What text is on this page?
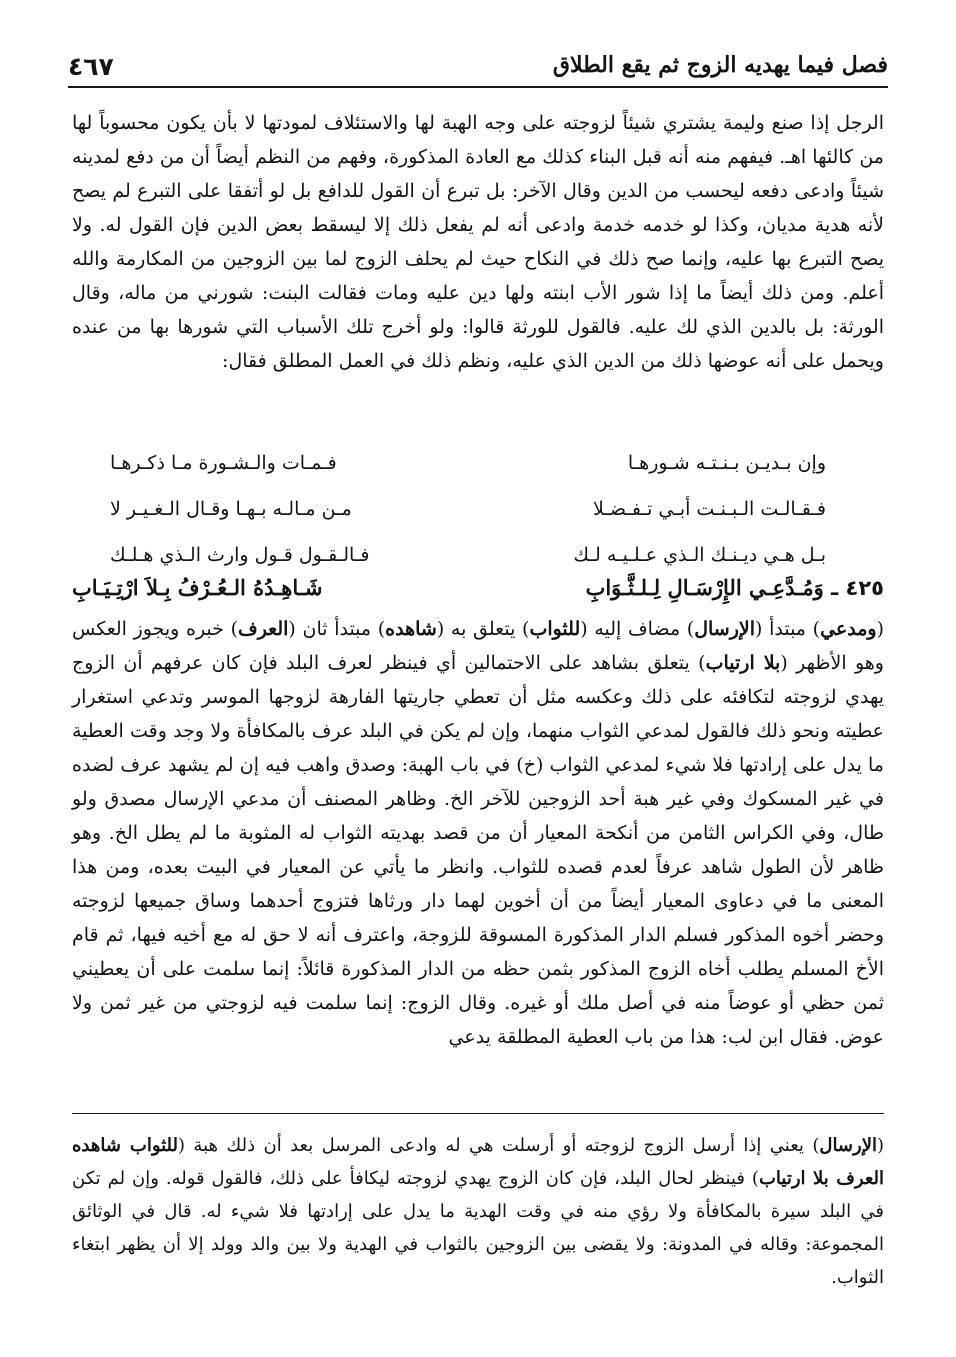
فصل فيما يهديه الزوج ثم يقع الطلاق
٤٦٧

الرجل إذا صنع وليمة يشتري شيئاً لزوجته على وجه الهبة لها والاستئلاف لمودتها لا بأن يكون محسوباً لها من كالئها اهـ. فيفهم منه أنه قبل البناء كذلك مع العادة المذكورة، وفهم من النظم أيضاً أن من دفع لمدينه شيئاً وادعى دفعه ليحسب من الدين وقال الآخر: بل تبرع أن القول للدافع بل لو أتفقا على التبرع لم يصح لأنه هدية مديان، وكذا لو خدمه خدمة وادعى أنه لم يفعل ذلك إلا ليسقط بعض الدين فإن القول له. ولا يصح التبرع بها عليه، وإنما صح ذلك في النكاح حيث لم يحلف الزوج لما بين الزوجين من المكارمة والله أعلم. ومن ذلك أيضاً ما إذا شور الأب ابنته ولها دين عليه ومات فقالت البنت: شورني من ماله، وقال الورثة: بل بالدين الذي لك عليه. فالقول للورثة قالوا: ولو أخرج تلك الأسباب التي شورها بها من عنده ويحمل على أنه عوضها ذلك من الدين الذي عليه، ونظم ذلك في العمل المطلق فقال:

وإن بـديـن بـنـتـه شـورهـا
فـمـات والـشـورة مـا ذكـرهـا
فـقـالـت الـبـنـت أبـي تـفـضـلا
مـن مـالـه بـهـا وقـال الـغـيـر لا
بـل هـي ديـنـك الـذي عـلـيـه لـك
فـالـقـول قـول وارث الـذي هـلـك
٤٢٥ ـ وَمُـدَّعِـي الإِرْسَـالِ لِـلـثَّـوَابِ
شَـاهِـدُهُ الـعُـرْفُ بِـلاَ ارْتِـيَـابِ

(ومدعي) مبتدأ (الإرسال) مضاف إليه (للثواب) يتعلق به (شاهده) مبتدأ ثان (العرف) خبره ويجوز العكس وهو الأظهر (بلا ارتياب) يتعلق بشاهد على الاحتمالين أي فينظر لعرف البلد فإن كان عرفهم أن الزوج يهدي لزوجته لتكافئه على ذلك وعكسه مثل أن تعطي جاريتها الفارهة لزوجها الموسر وتدعي استغرار عطيته ونحو ذلك فالقول لمدعي الثواب منهما، وإن لم يكن في البلد عرف بالمكافأة ولا وجد وقت العطية ما يدل على إرادتها فلا شيء لمدعي الثواب (خ) في باب الهبة: وصدق واهب فيه إن لم يشهد عرف لضده في غير المسكوك وفي غير هبة أحد الزوجين للآخر الخ. وظاهر المصنف أن مدعي الإرسال مصدق ولو طال، وفي الكراس الثامن من أنكحة المعيار أن من قصد بهديته الثواب له المثوبة ما لم يطل الخ. وهو ظاهر لأن الطول شاهد عرفاً لعدم قصده للثواب. وانظر ما يأتي عن المعيار في البيت بعده، ومن هذا المعنى ما في دعاوى المعيار أيضاً من أن أخوين لهما دار ورثاها فتزوج أحدهما وساق جميعها لزوجته وحضر أخوه المذكور فسلم الدار المذكورة المسوقة للزوجة، واعترف أنه لا حق له مع أخيه فيها، ثم قام الأخ المسلم يطلب أخاه الزوج المذكور بثمن حظه من الدار المذكورة قائلاً: إنما سلمت على أن يعطيني ثمن حظي أو عوضاً منه في أصل ملك أو غيره. وقال الزوج: إنما سلمت فيه لزوجتي من غير ثمن ولا عوض. فقال ابن لب: هذا من باب العطية المطلقة يدعي

(الإرسال) يعني إذا أرسل الزوج لزوجته أو أرسلت هي له وادعى المرسل بعد أن ذلك هبة (للثواب شاهده العرف بلا ارتياب) فينظر لحال البلد، فإن كان الزوج يهدي لزوجته ليكافأ على ذلك، فالقول قوله. وإن لم تكن في البلد سيرة بالمكافأة ولا رؤي منه في وقت الهدية ما يدل على إرادتها فلا شيء له. قال في الوثائق المجموعة: وقاله في المدونة: ولا يقضى بين الزوجين بالثواب في الهدية ولا بين والد وولد إلا أن يظهر ابتغاء الثواب.
